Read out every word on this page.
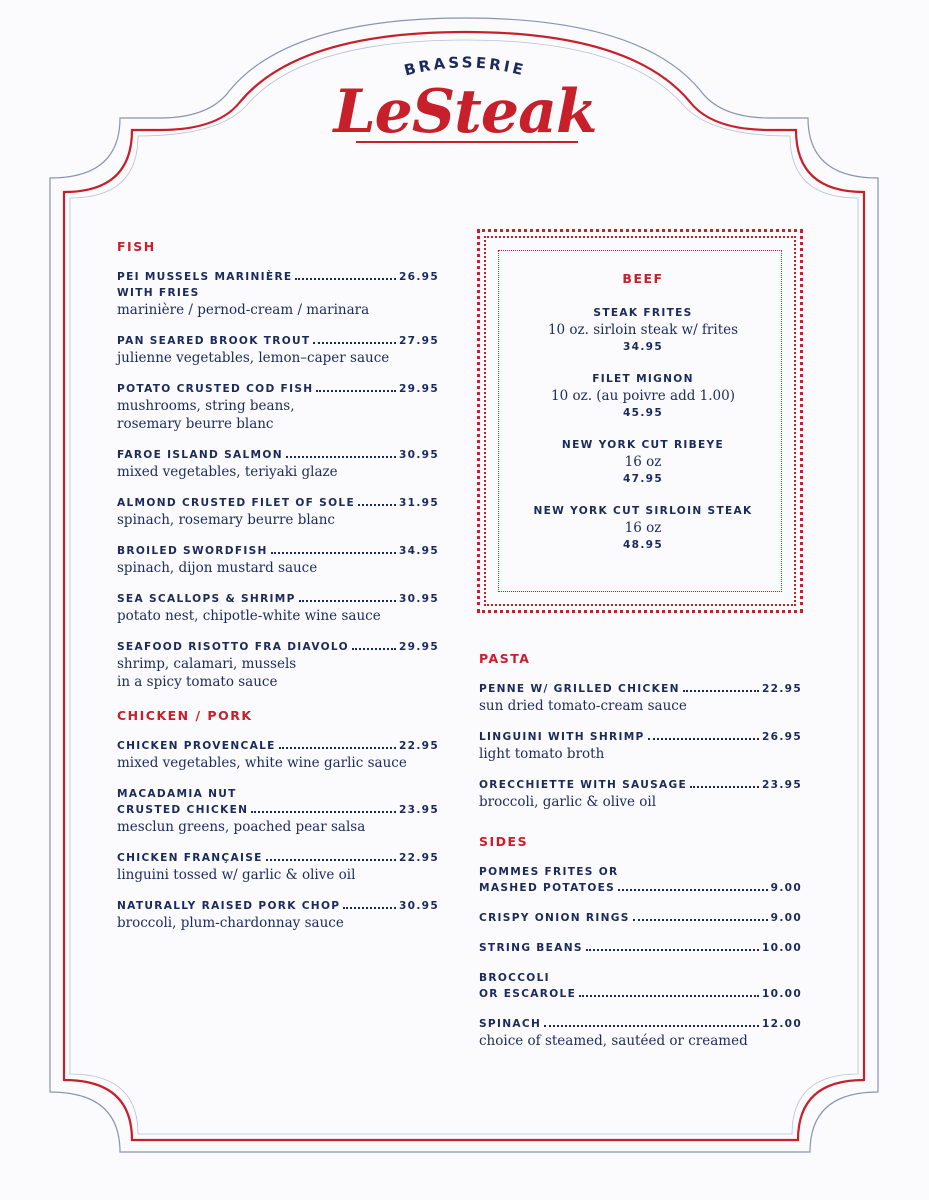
BRASSERIE
LeSteak
FISH
PEI MUSSELS MARINIÈRE	26.95
WITH FRIES
marinière / pernod-cream / marinara
PAN SEARED BROOK TROUT	27.95
julienne vegetables, lemon–caper sauce
POTATO CRUSTED COD FISH	29.95
mushrooms, string beans,
rosemary beurre blanc
FAROE ISLAND SALMON	30.95
mixed vegetables, teriyaki glaze
ALMOND CRUSTED FILET OF SOLE	31.95
spinach, rosemary beurre blanc
BROILED SWORDFISH	34.95
spinach, dijon mustard sauce
SEA SCALLOPS & SHRIMP	30.95
potato nest, chipotle-white wine sauce
SEAFOOD RISOTTO FRA DIAVOLO	29.95
shrimp, calamari, mussels
in a spicy tomato sauce
CHICKEN / PORK
CHICKEN PROVENCALE	22.95
mixed vegetables, white wine garlic sauce
MACADAMIA NUT
CRUSTED CHICKEN	23.95
mesclun greens, poached pear salsa
CHICKEN FRANÇAISE	22.95
linguini tossed w/ garlic & olive oil
NATURALLY RAISED PORK CHOP	30.95
broccoli, plum-chardonnay sauce
BEEF
STEAK FRITES
10 oz. sirloin steak w/ frites
34.95
FILET MIGNON
10 oz. (au poivre add 1.00)
45.95
NEW YORK CUT RIBEYE
16 oz
47.95
NEW YORK CUT SIRLOIN STEAK
16 oz
48.95
PASTA
PENNE W/ GRILLED CHICKEN	22.95
sun dried tomato-cream sauce
LINGUINI WITH SHRIMP	26.95
light tomato broth
ORECCHIETTE WITH SAUSAGE	23.95
broccoli, garlic & olive oil
SIDES
POMMES FRITES OR
MASHED POTATOES	9.00
CRISPY ONION RINGS	9.00
STRING BEANS	10.00
BROCCOLI
OR ESCAROLE	10.00
SPINACH	12.00
choice of steamed, sautéed or creamed
